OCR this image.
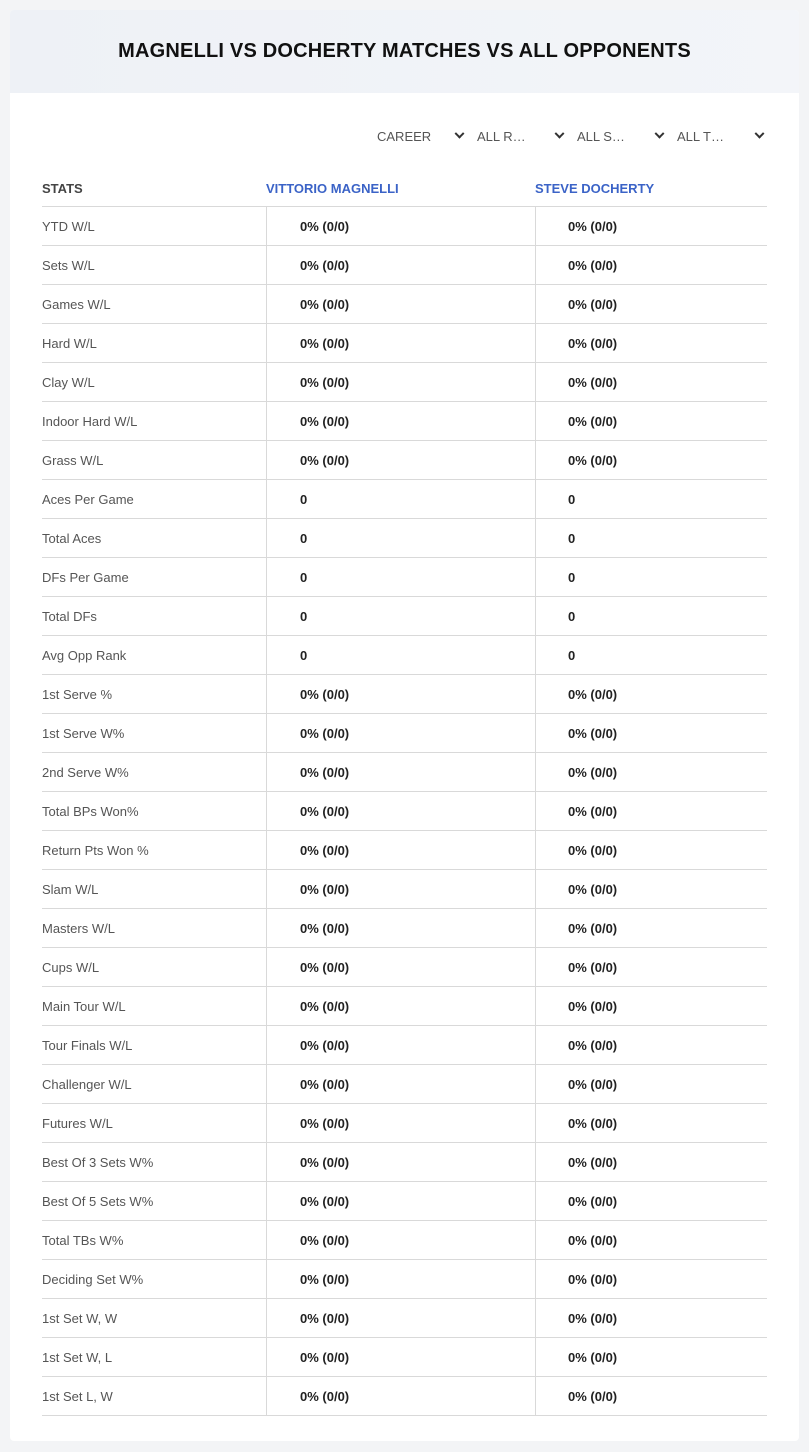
MAGNELLI VS DOCHERTY MATCHES VS ALL OPPONENTS
CAREER	ALL R…	ALL S…	ALL T…
STATS	VITTORIO MAGNELLI	STEVE DOCHERTY
YTD W/L	0% (0/0)	0% (0/0)
Sets W/L	0% (0/0)	0% (0/0)
Games W/L	0% (0/0)	0% (0/0)
Hard W/L	0% (0/0)	0% (0/0)
Clay W/L	0% (0/0)	0% (0/0)
Indoor Hard W/L	0% (0/0)	0% (0/0)
Grass W/L	0% (0/0)	0% (0/0)
Aces Per Game	0	0
Total Aces	0	0
DFs Per Game	0	0
Total DFs	0	0
Avg Opp Rank	0	0
1st Serve %	0% (0/0)	0% (0/0)
1st Serve W%	0% (0/0)	0% (0/0)
2nd Serve W%	0% (0/0)	0% (0/0)
Total BPs Won%	0% (0/0)	0% (0/0)
Return Pts Won %	0% (0/0)	0% (0/0)
Slam W/L	0% (0/0)	0% (0/0)
Masters W/L	0% (0/0)	0% (0/0)
Cups W/L	0% (0/0)	0% (0/0)
Main Tour W/L	0% (0/0)	0% (0/0)
Tour Finals W/L	0% (0/0)	0% (0/0)
Challenger W/L	0% (0/0)	0% (0/0)
Futures W/L	0% (0/0)	0% (0/0)
Best Of 3 Sets W%	0% (0/0)	0% (0/0)
Best Of 5 Sets W%	0% (0/0)	0% (0/0)
Total TBs W%	0% (0/0)	0% (0/0)
Deciding Set W%	0% (0/0)	0% (0/0)
1st Set W, W	0% (0/0)	0% (0/0)
1st Set W, L	0% (0/0)	0% (0/0)
1st Set L, W	0% (0/0)	0% (0/0)
